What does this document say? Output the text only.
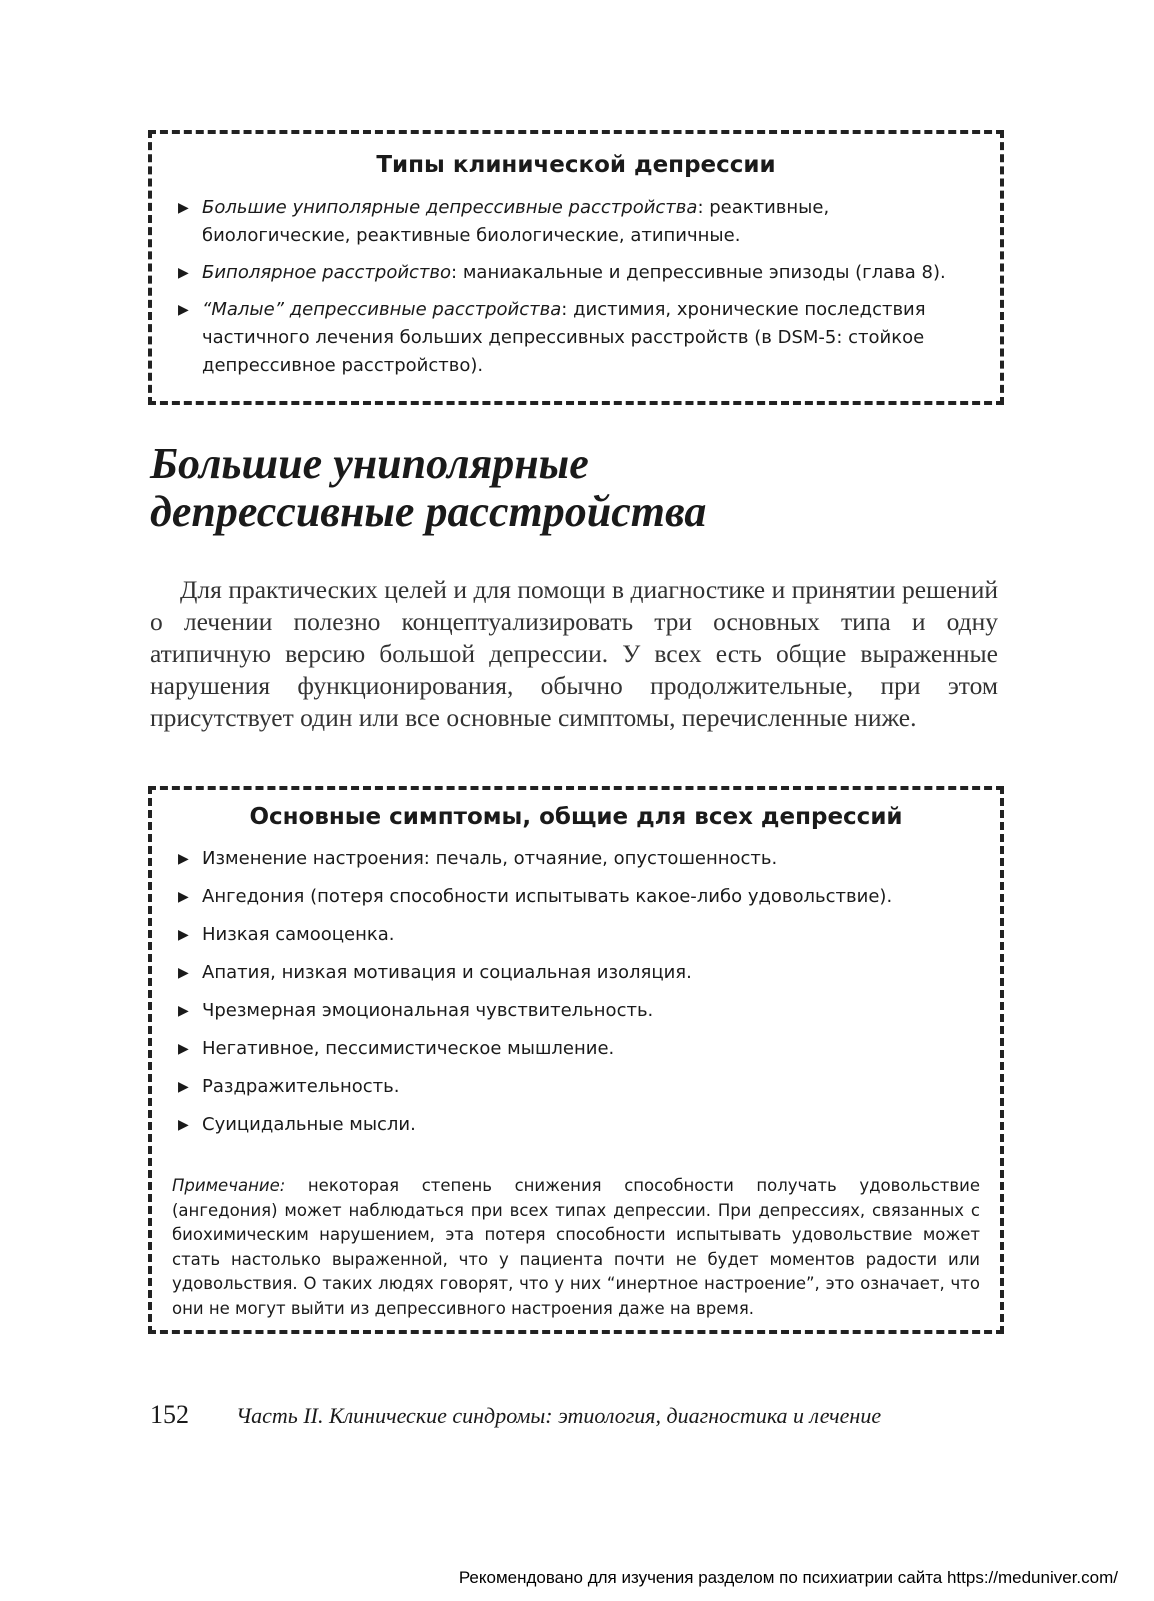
Типы клинической депрессии
▶ Большие униполярные депрессивные расстройства: реактивные, биологические, реактивные биологические, атипичные.
▶ Биполярное расстройство: маниакальные и депрессивные эпизоды (глава 8).
▶ “Малые” депрессивные расстройства: дистимия, хронические последствия частичного лечения больших депрессивных расстройств (в DSM-5: стойкое депрессивное расстройство).
Большие униполярные
депрессивные расстройства

Для практических целей и для помощи в диагностике и принятии решений о лечении полезно концептуализировать три основных типа и одну атипичную версию большой депрессии. У всех есть общие выраженные нарушения функционирования, обычно продолжительные, при этом присутствует один или все основные симптомы, перечисленные ниже.

Основные симптомы, общие для всех депрессий
▶ Изменение настроения: печаль, отчаяние, опустошенность.
▶ Ангедония (потеря способности испытывать какое-либо удовольствие).
▶ Низкая самооценка.
▶ Апатия, низкая мотивация и социальная изоляция.
▶ Чрезмерная эмоциональная чувствительность.
▶ Негативное, пессимистическое мышление.
▶ Раздражительность.
▶ Суицидальные мысли.
Примечание: некоторая степень снижения способности получать удовольствие (ангедония) может наблюдаться при всех типах депрессии. При депрессиях, связанных с биохимическим нарушением, эта потеря способности испытывать удовольствие может стать настолько выраженной, что у пациента почти не будет моментов радости или удовольствия. О таких людях говорят, что у них “инертное настроение”, это означает, что они не могут выйти из депрессивного настроения даже на время.
152 Часть II. Клинические синдромы: этиология, диагностика и лечение
Рекомендовано для изучения разделом по психиатрии сайта https://meduniver.com/
